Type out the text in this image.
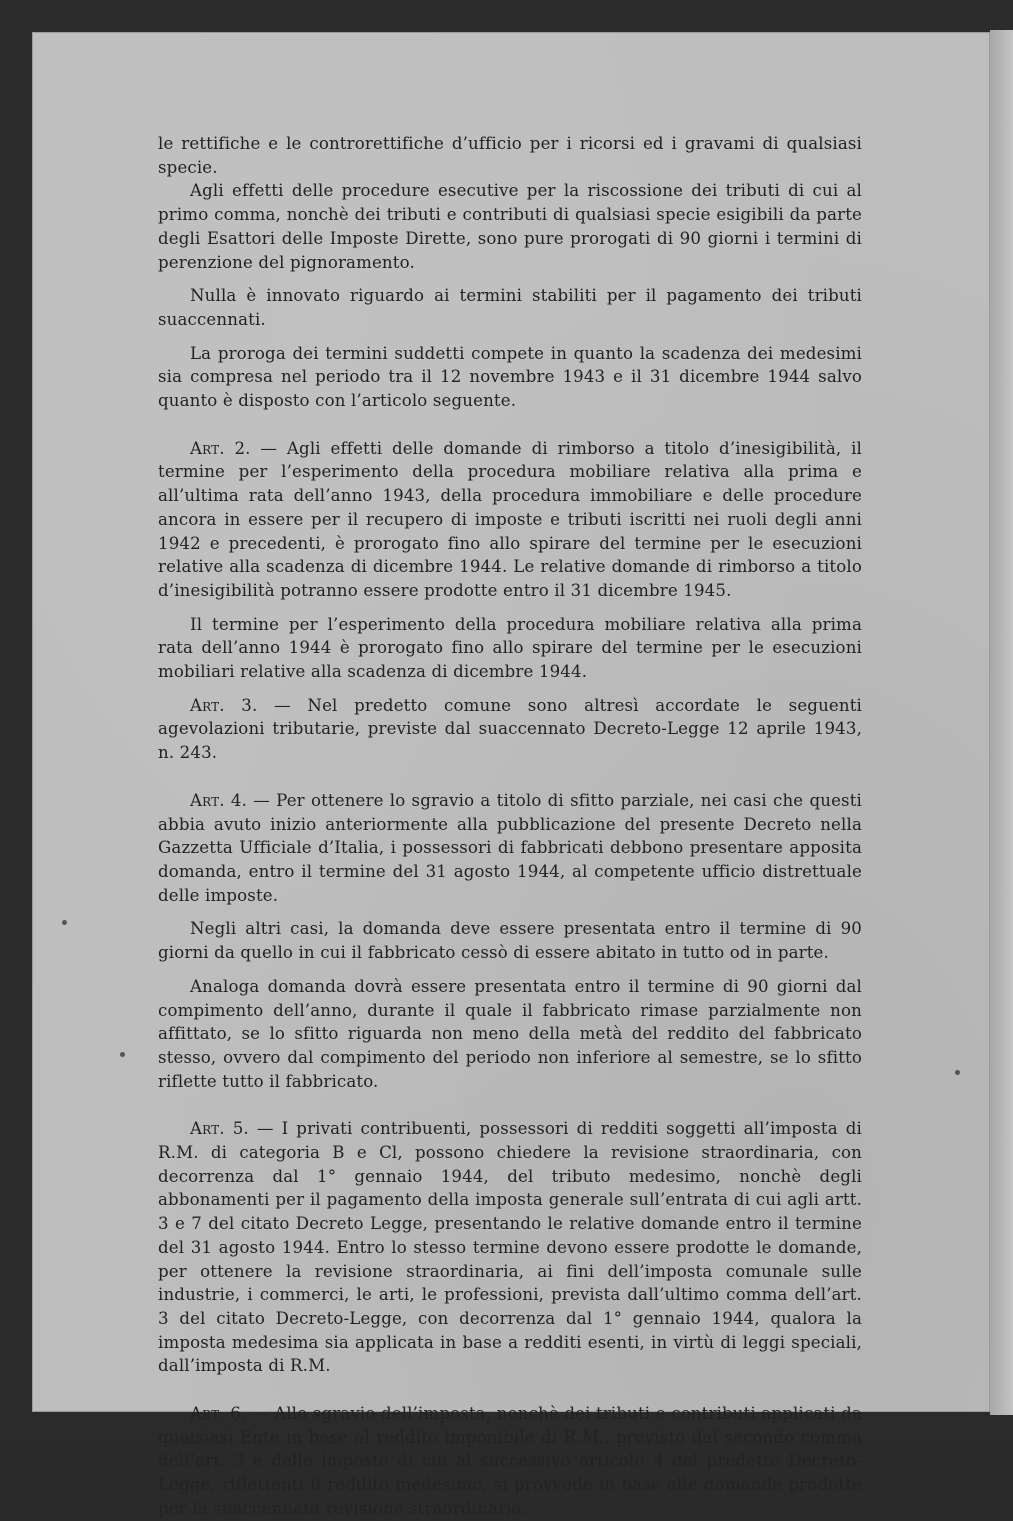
le rettifiche e le controrettifiche d’ufficio per i ricorsi ed i gravami di qualsiasi specie.

Agli effetti delle procedure esecutive per la riscossione dei tributi di cui al primo comma, nonchè dei tributi e contributi di qualsiasi specie esigibili da parte degli Esattori delle Imposte Dirette, sono pure prorogati di 90 giorni i termini di perenzione del pignoramento.

Nulla è innovato riguardo ai termini stabiliti per il pagamento dei tributi suaccennati.

La proroga dei termini suddetti compete in quanto la scadenza dei medesimi sia compresa nel periodo tra il 12 novembre 1943 e il 31 dicembre 1944 salvo quanto è disposto con l’articolo seguente.

Art. 2. — Agli effetti delle domande di rimborso a titolo d’inesigibilità, il termine per l’esperimento della procedura mobiliare relativa alla prima e all’ultima rata dell’anno 1943, della procedura immobiliare e delle procedure ancora in essere per il recupero di imposte e tributi iscritti nei ruoli degli anni 1942 e precedenti, è prorogato fino allo spirare del termine per le esecuzioni relative alla scadenza di dicembre 1944. Le relative domande di rimborso a titolo d’inesigibilità potranno essere prodotte entro il 31 dicembre 1945.

Il termine per l’esperimento della procedura mobiliare relativa alla prima rata dell’anno 1944 è prorogato fino allo spirare del termine per le esecuzioni mobiliari relative alla scadenza di dicembre 1944.

Art. 3. — Nel predetto comune sono altresì accordate le seguenti agevolazioni tributarie, previste dal suaccennato Decreto-Legge 12 aprile 1943, n. 243.

Art. 4. — Per ottenere lo sgravio a titolo di sfitto parziale, nei casi che questi abbia avuto inizio anteriormente alla pubblicazione del presente Decreto nella Gazzetta Ufficiale d’Italia, i possessori di fabbricati debbono presentare apposita domanda, entro il termine del 31 agosto 1944, al competente ufficio distrettuale delle imposte.

Negli altri casi, la domanda deve essere presentata entro il termine di 90 giorni da quello in cui il fabbricato cessò di essere abitato in tutto od in parte.

Analoga domanda dovrà essere presentata entro il termine di 90 giorni dal compimento dell’anno, durante il quale il fabbricato rimase parzialmente non affittato, se lo sfitto riguarda non meno della metà del reddito del fabbricato stesso, ovvero dal compimento del periodo non inferiore al semestre, se lo sfitto riflette tutto il fabbricato.

Art. 5. — I privati contribuenti, possessori di redditi soggetti all’imposta di R.M. di categoria B e Cl, possono chiedere la revisione straordinaria, con decorrenza dal 1° gennaio 1944, del tributo medesimo, nonchè degli abbonamenti per il pagamento della imposta generale sull’entrata di cui agli artt. 3 e 7 del citato Decreto Legge, presentando le relative domande entro il termine del 31 agosto 1944. Entro lo stesso termine devono essere prodotte le domande, per ottenere la revisione straordinaria, ai fini dell’imposta comunale sulle industrie, i commerci, le arti, le professioni, prevista dall’ultimo comma dell’art. 3 del citato Decreto-Legge, con decorrenza dal 1° gennaio 1944, qualora la imposta medesima sia applicata in base a redditi esenti, in virtù di leggi speciali, dall’imposta di R.M.

Art. 6. — Allo sgravio dell’imposta, nonchè dei tributi e contributi applicati da qualsiasi Ente in base al reddito imponibile di R.M., previsto dal secondo comma dell’art. 3 e delle imposte di cui al successivo articolo 4 del predetto Decreto-Legge, riflettenti il reddito medesimo, si provvede in base alle domande prodotte per la suaccennata revisione straordinaria.
